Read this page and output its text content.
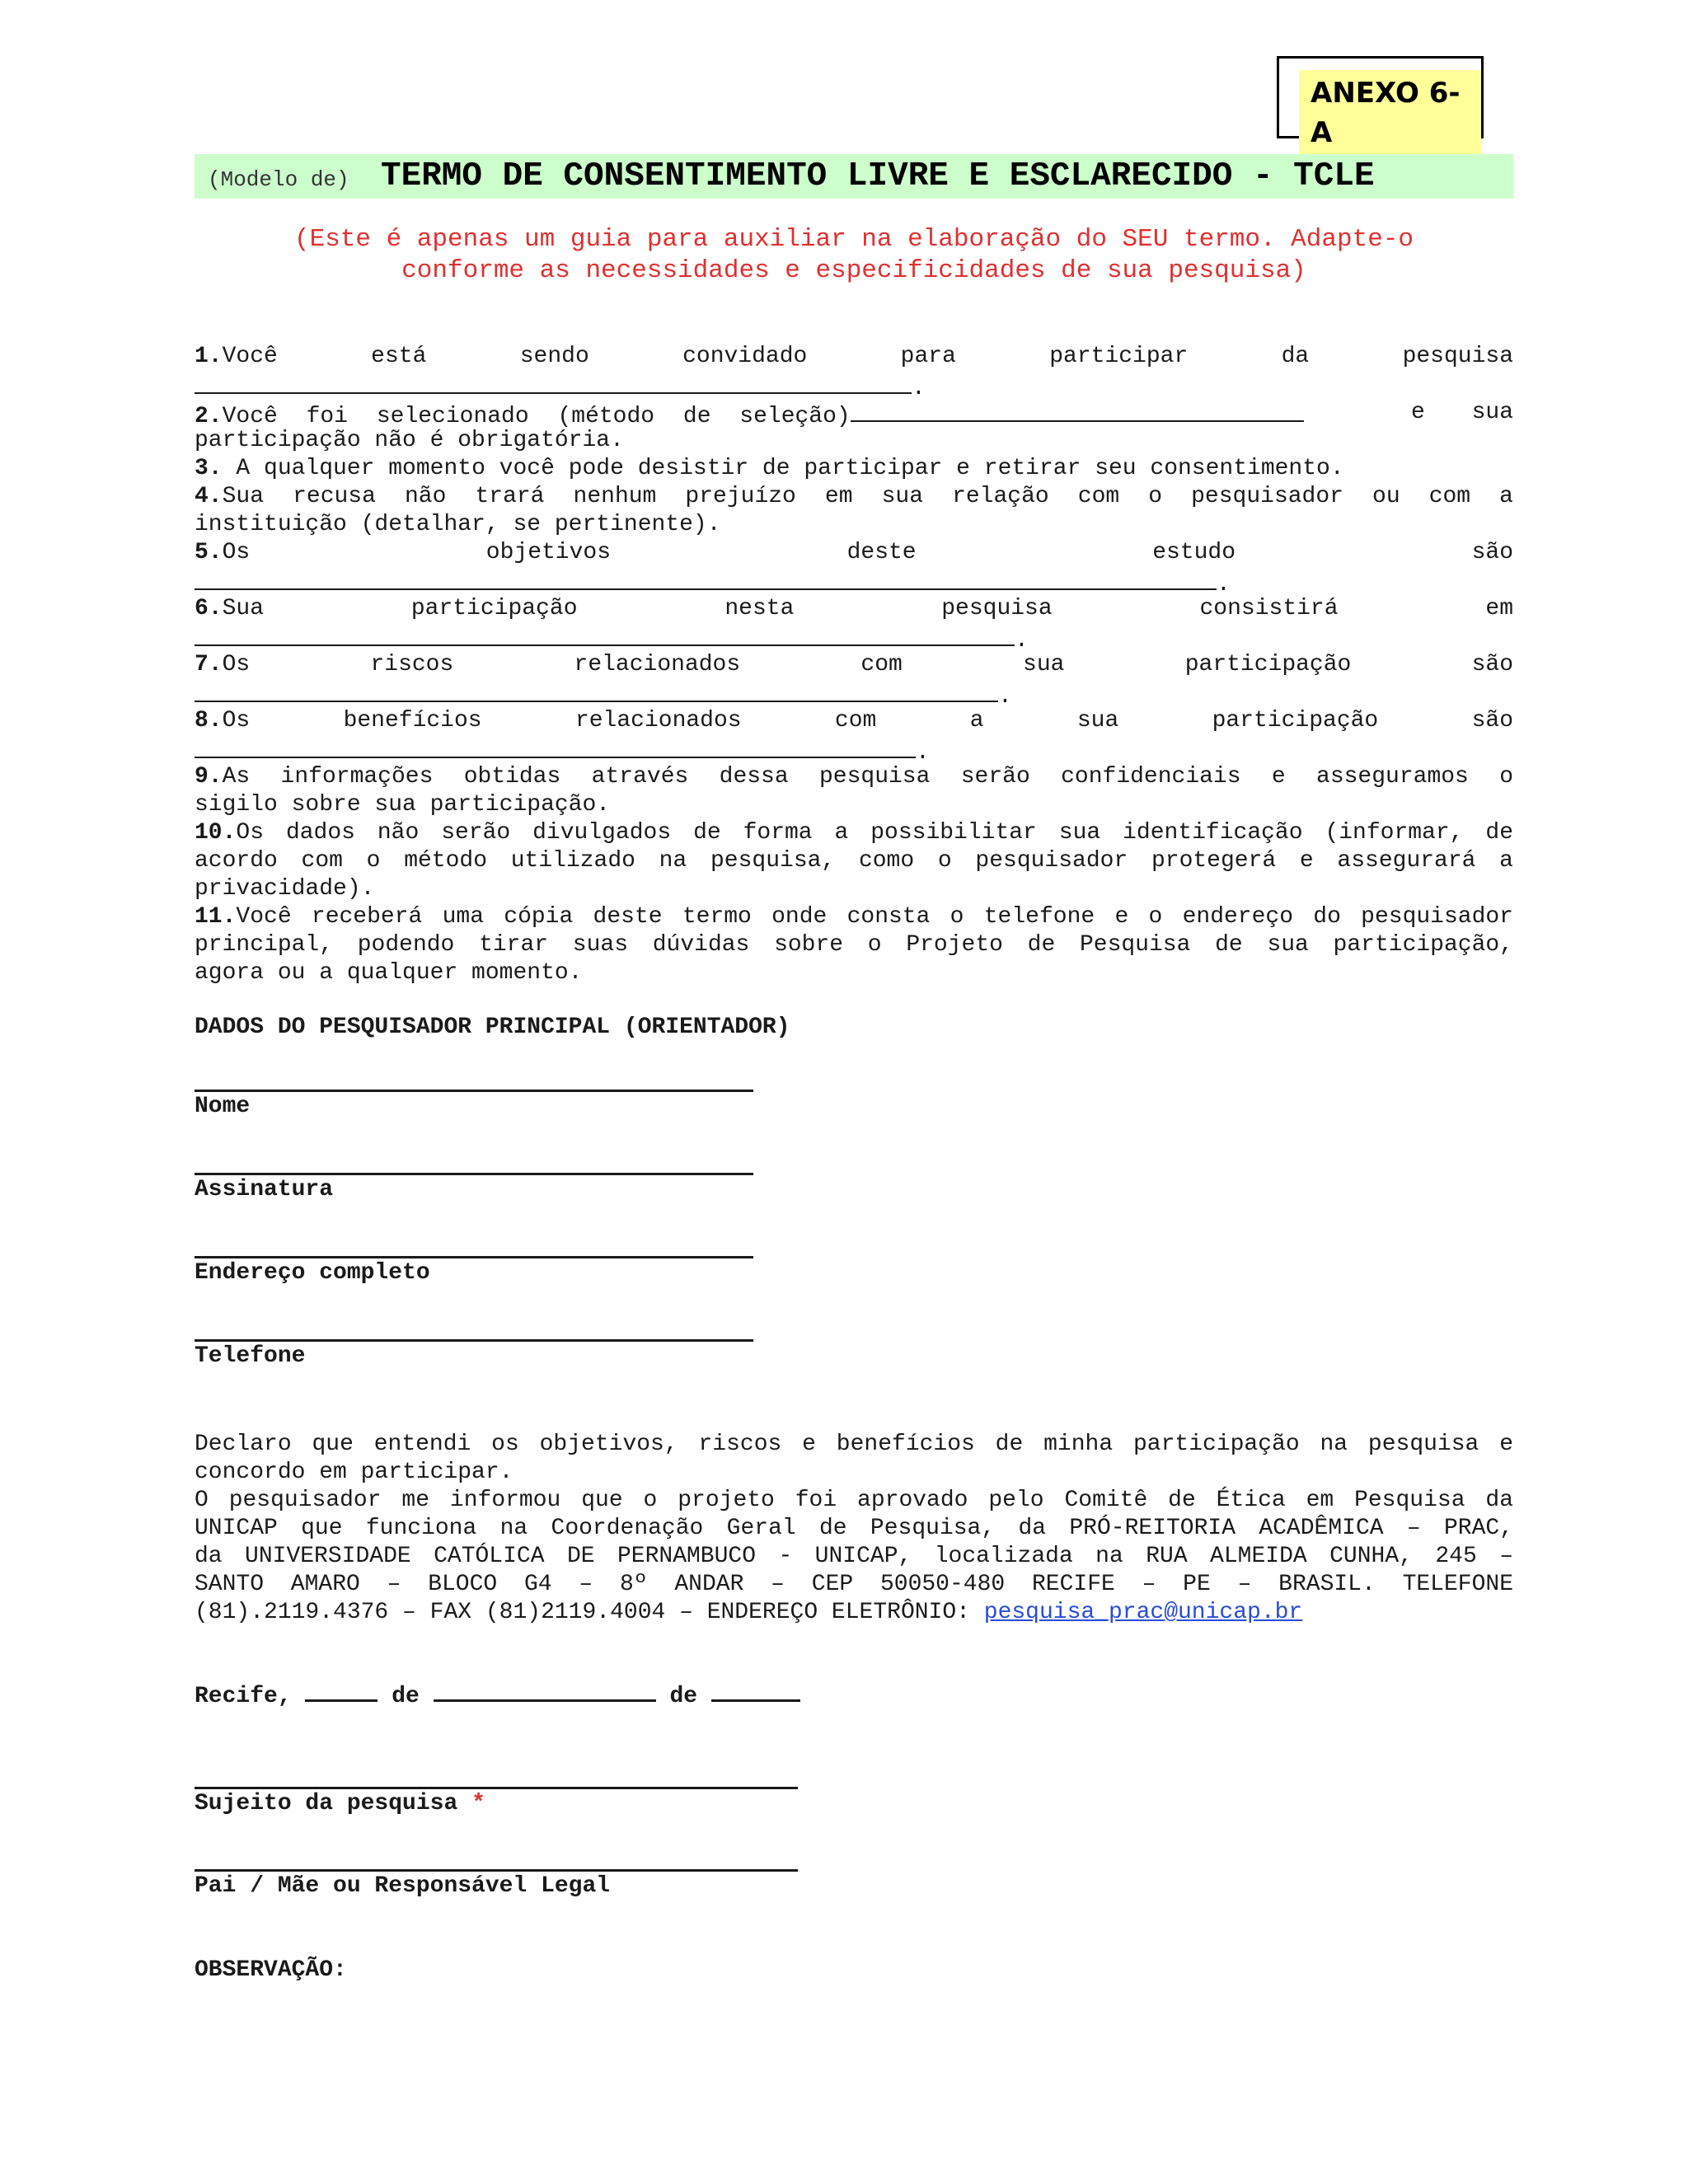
ANEXO 6-A
(Modelo de) TERMO DE CONSENTIMENTO LIVRE E ESCLARECIDO - TCLE
(Este é apenas um guia para auxiliar na elaboração do SEU termo. Adapte-o
conforme as necessidades e especificidades de sua pesquisa)
1.Você está sendo convidado para participar da pesquisa
.
2.Você foi selecionado (método de seleção)	e sua
participação não é obrigatória.
3. A qualquer momento você pode desistir de participar e retirar seu consentimento.
4.Sua recusa não trará nenhum prejuízo em sua relação com o pesquisador ou com a
instituição (detalhar, se pertinente).
5.Os objetivos deste estudo são
.
6.Sua participação nesta pesquisa consistirá em
.
7.Os riscos relacionados com sua participação são
.
8.Os benefícios relacionados com a sua participação são
.
9.As informações obtidas através dessa pesquisa serão confidenciais e asseguramos o
sigilo sobre sua participação.
10.Os dados não serão divulgados de forma a possibilitar sua identificação (informar, de
acordo com o método utilizado na pesquisa, como o pesquisador protegerá e assegurará a
privacidade).
11.Você receberá uma cópia deste termo onde consta o telefone e o endereço do pesquisador
principal, podendo tirar suas dúvidas sobre o Projeto de Pesquisa de sua participação,
agora ou a qualquer momento.
DADOS DO PESQUISADOR PRINCIPAL (ORIENTADOR)
Nome
Assinatura
Endereço completo
Telefone
Declaro que entendi os objetivos, riscos e benefícios de minha participação na pesquisa e
concordo em participar.
O pesquisador me informou que o projeto foi aprovado pelo Comitê de Ética em Pesquisa da
UNICAP que funciona na Coordenação Geral de Pesquisa, da PRÓ-REITORIA ACADÊMICA – PRAC,
da UNIVERSIDADE CATÓLICA DE PERNAMBUCO - UNICAP, localizada na RUA ALMEIDA CUNHA, 245 –
SANTO AMARO – BLOCO G4 – 8º ANDAR – CEP 50050-480 RECIFE – PE – BRASIL. TELEFONE
(81).2119.4376 – FAX (81)2119.4004 – ENDEREÇO ELETRÔNIO: pesquisa_prac@unicap.br
Recife,	de	de
Sujeito da pesquisa *
Pai / Mãe ou Responsável Legal
OBSERVAÇÃO:
